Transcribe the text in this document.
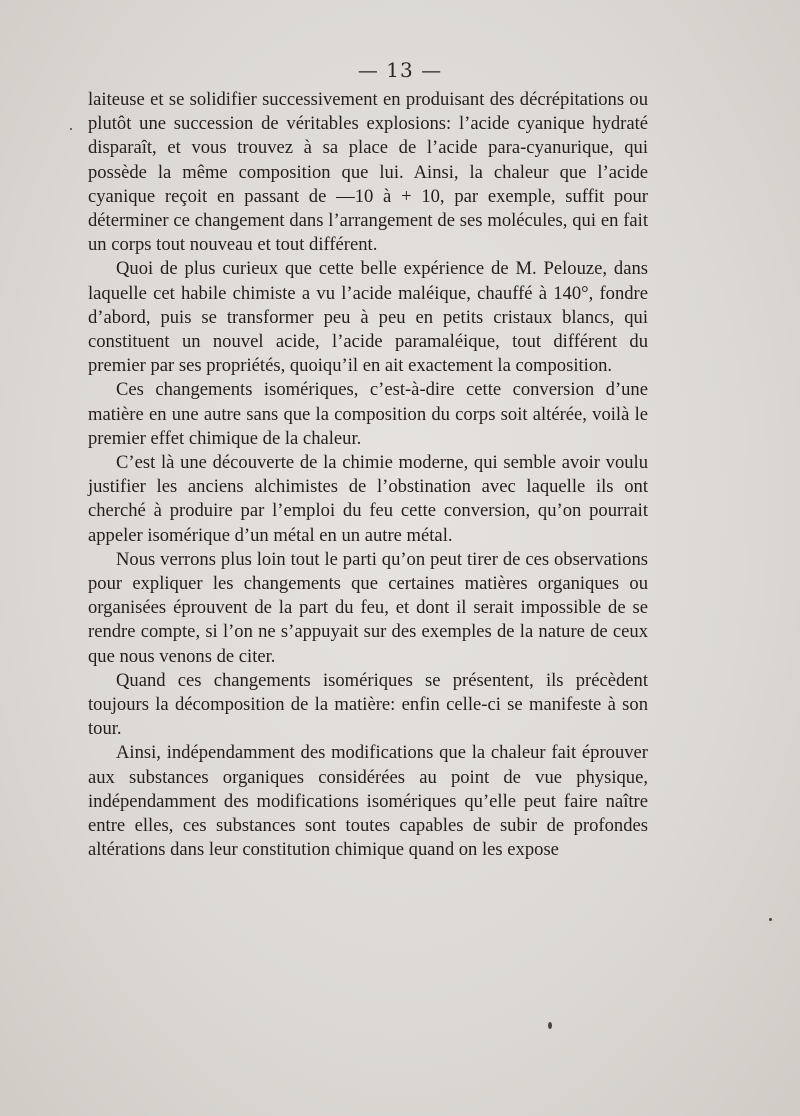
— 13 —

laiteuse et se solidifier successivement en produisant des décrépitations ou plutôt une succession de véritables explosions: l’acide cyanique hydraté disparaît, et vous trouvez à sa place de l’acide para-cyanurique, qui possède la même composition que lui. Ainsi, la chaleur que l’acide cyanique reçoit en passant de —10 à + 10, par exemple, suffit pour déterminer ce changement dans l’arrangement de ses molécules, qui en fait un corps tout nouveau et tout différent.

Quoi de plus curieux que cette belle expérience de M. Pelouze, dans laquelle cet habile chimiste a vu l’acide maléique, chauffé à 140°, fondre d’abord, puis se transformer peu à peu en petits cristaux blancs, qui constituent un nouvel acide, l’acide paramaléique, tout différent du premier par ses propriétés, quoiqu’il en ait exactement la composition.

Ces changements isomériques, c’est-à-dire cette conversion d’une matière en une autre sans que la composition du corps soit altérée, voilà le premier effet chimique de la chaleur.

C’est là une découverte de la chimie moderne, qui semble avoir voulu justifier les anciens alchimistes de l’obstination avec laquelle ils ont cherché à produire par l’emploi du feu cette conversion, qu’on pourrait appeler isomérique d’un métal en un autre métal.

Nous verrons plus loin tout le parti qu’on peut tirer de ces observations pour expliquer les changements que certaines matières organiques ou organisées éprouvent de la part du feu, et dont il serait impossible de se rendre compte, si l’on ne s’appuyait sur des exemples de la nature de ceux que nous venons de citer.

Quand ces changements isomériques se présentent, ils précèdent toujours la décomposition de la matière: enfin celle-ci se manifeste à son tour.

Ainsi, indépendamment des modifications que la chaleur fait éprouver aux substances organiques considérées au point de vue physique, indépendamment des modifications isomériques qu’elle peut faire naître entre elles, ces substances sont toutes capables de subir de profondes altérations dans leur constitution chimique quand on les expose
